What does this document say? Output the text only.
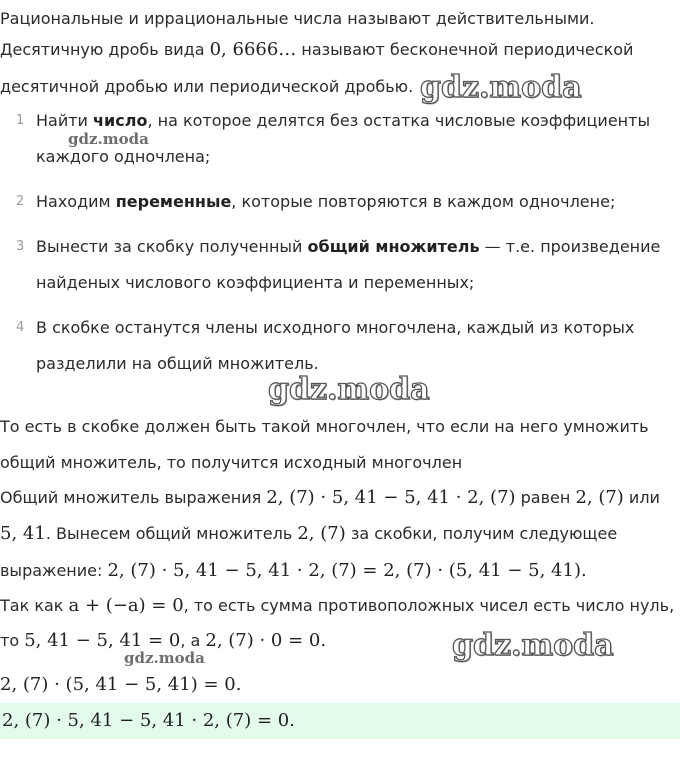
Рациональные и иррациональные числа называют действительными.
Десятичную дробь вида 0, 6666… называют бесконечной периодической
десятичной дробью или периодической дробью.
1 Найти число, на которое делятся без остатка числовые коэффициенты
каждого одночлена;
2 Находим переменные, которые повторяются в каждом одночлене;
3 Вынести за скобку полученный общий множитель — т.е. произведение
найденых числового коэффициента и переменных;
4 В скобке останутся члены исходного многочлена, каждый из которых
разделили на общий множитель.
То есть в скобке должен быть такой многочлен, что если на него умножить
общий множитель, то получится исходный многочлен
Общий множитель выражения 2, (7) · 5, 41 − 5, 41 · 2, (7) равен 2, (7) или
5, 41. Вынесем общий множитель 2, (7) за скобки, получим следующее
выражение: 2, (7) · 5, 41 − 5, 41 · 2, (7) = 2, (7) · (5, 41 − 5, 41).
Так как a + (−a) = 0, то есть сумма противоположных чисел есть число нуль,
то 5, 41 − 5, 41 = 0, а 2, (7) · 0 = 0.
2, (7) · (5, 41 − 5, 41) = 0.
2, (7) · 5, 41 − 5, 41 · 2, (7) = 0.
gdz.moda
gdz.moda
gdz.moda
gdz.moda
gdz.moda
